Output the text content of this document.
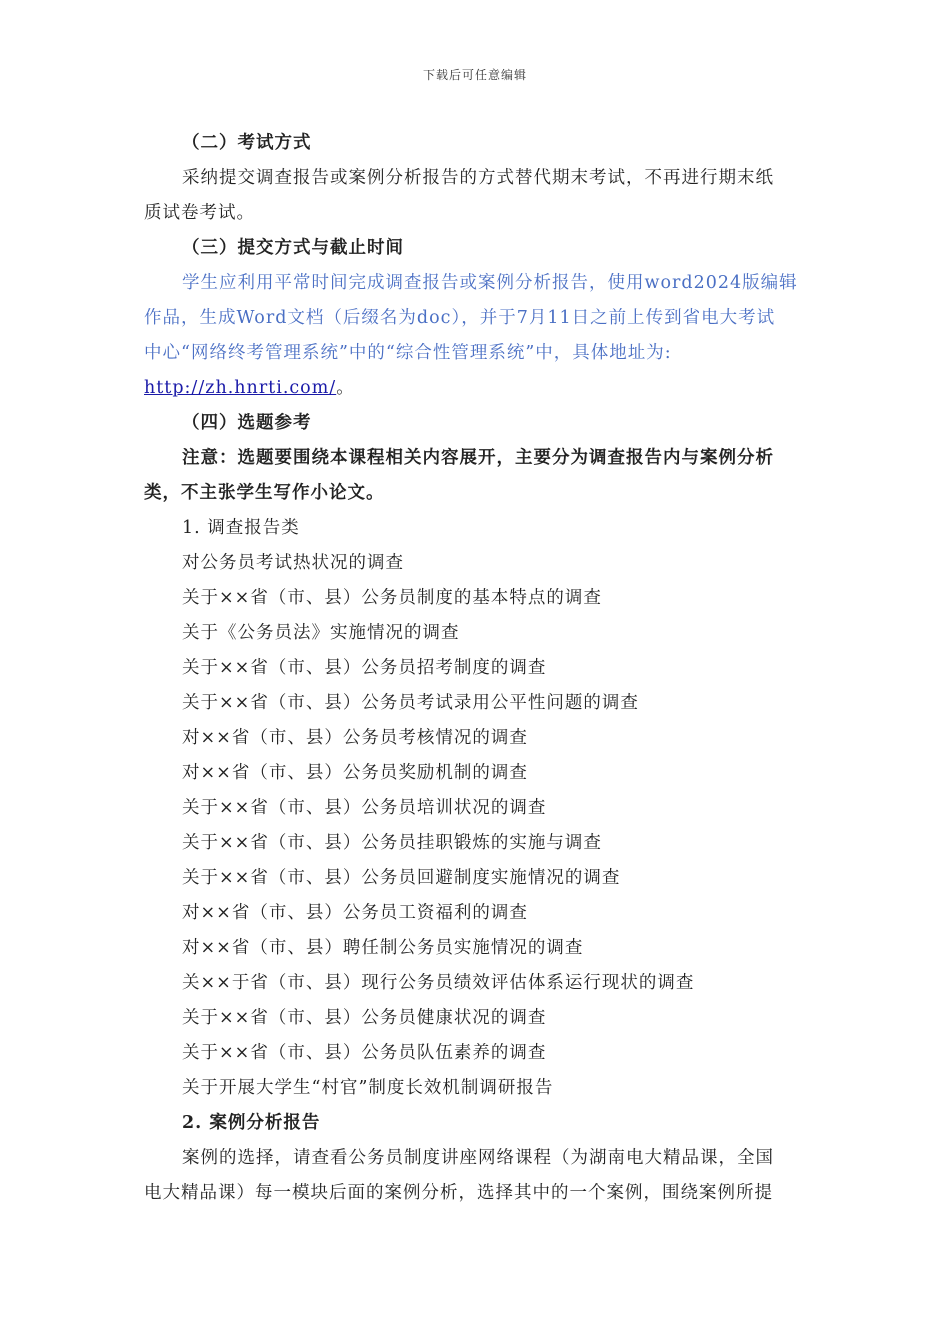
下载后可任意编辑
（二）考试方式
采纳提交调查报告或案例分析报告的方式替代期末考试，不再进行期末纸
质试卷考试。
（三）提交方式与截止时间
学生应利用平常时间完成调查报告或案例分析报告，使用word2024版编辑
作品，生成Word文档（后缀名为doc），并于7月11日之前上传到省电大考试
中心“网络终考管理系统”中的“综合性管理系统”中，具体地址为:
http://zh.hnrti.com/。
（四）选题参考
注意：选题要围绕本课程相关内容展开，主要分为调查报告内与案例分析
类，不主张学生写作小论文。
1. 调查报告类
对公务员考试热状况的调查
关于××省（市、县）公务员制度的基本特点的调查
关于《公务员法》实施情况的调查
关于××省（市、县）公务员招考制度的调查
关于××省（市、县）公务员考试录用公平性问题的调查
对××省（市、县）公务员考核情况的调查
对××省（市、县）公务员奖励机制的调查
关于××省（市、县）公务员培训状况的调查
关于××省（市、县）公务员挂职锻炼的实施与调查
关于××省（市、县）公务员回避制度实施情况的调查
对××省（市、县）公务员工资福利的调查
对××省（市、县）聘任制公务员实施情况的调查
关××于省（市、县）现行公务员绩效评估体系运行现状的调查
关于××省（市、县）公务员健康状况的调查
关于××省（市、县）公务员队伍素养的调查
关于开展大学生“村官”制度长效机制调研报告
2. 案例分析报告
案例的选择，请查看公务员制度讲座网络课程（为湖南电大精品课，全国
电大精品课）每一模块后面的案例分析，选择其中的一个案例，围绕案例所提
